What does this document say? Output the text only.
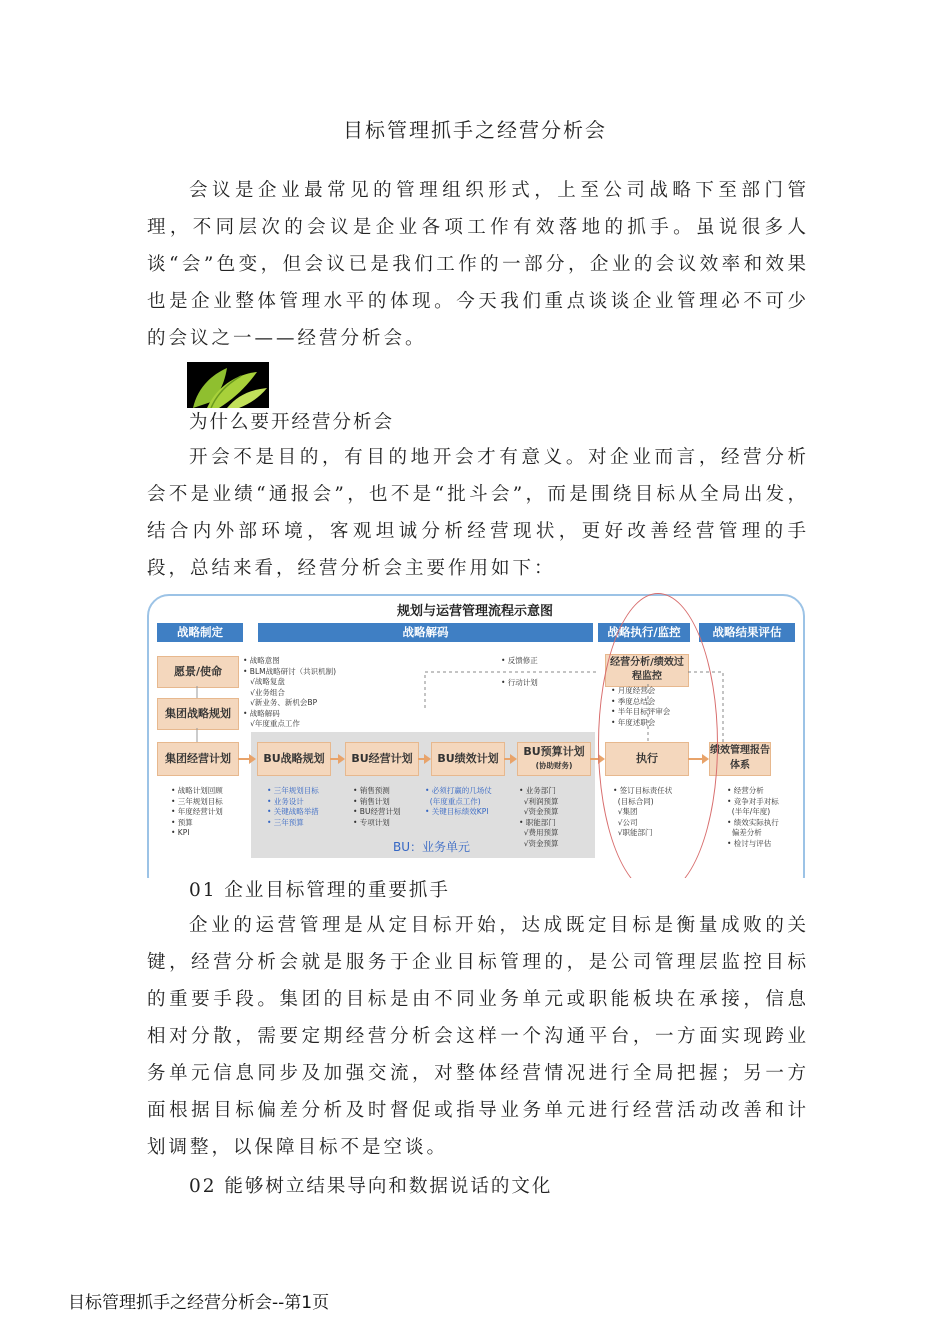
目标管理抓手之经营分析会

会议是企业最常见的管理组织形式，上至公司战略下至部门管理，不同层次的会议是企业各项工作有效落地的抓手。虽说很多人谈“会”色变，但会议已是我们工作的一部分，企业的会议效率和效果也是企业整体管理水平的体现。今天我们重点谈谈企业管理必不可少的会议之一——经营分析会。

为什么要开经营分析会

开会不是目的，有目的地开会才有意义。对企业而言，经营分析会不是业绩“通报会”，也不是“批斗会”，而是围绕目标从全局出发，结合内外部环境，客观坦诚分析经营现状，更好改善经营管理的手段，总结来看，经营分析会主要作用如下：

规划与运营管理流程示意图
战略制定	战略解码	战略执行/监控	战略结果评估
愿景/使命
集团战略规划
集团经营计划	BU战略规划	BU经营计划	BU绩效计划
BU预算计划
(协助财务)
经营分析/绩效过程监控
执行
绩效管理报告体系
• 战略意图
• BLM战略研讨（共识机制)
√战略复盘
√业务组合
√新业务、新机会BP
• 战略解码
√年度重点工作
• 反馈修正
• 行动计划
• 月度经营会
• 季度总结会
• 半年目标评审会
• 年度述职会
• 战略计划回顾
• 三年规划目标
• 年度经营计划
• 预算
• KPI
• 三年规划目标
• 业务设计
• 关键战略举措
• 三年预算
• 销售预测
• 销售计划
• BU经营计划
• 专项计划
• 必须打赢的几场仗
(年度重点工作)
• 关键目标绩效KPI
• 业务部门
√利润预算
√资金预算
• 职能部门
√费用预算
√资金预算
• 签订目标责任状
(目标合同)
√集团
√公司
√职能部门
• 经营分析
• 竞争对手对标
(半年/年度)
• 绩效实际执行
偏差分析
• 检讨与评估
BU：业务单元
01 企业目标管理的重要抓手

企业的运营管理是从定目标开始，达成既定目标是衡量成败的关键，经营分析会就是服务于企业目标管理的，是公司管理层监控目标的重要手段。集团的目标是由不同业务单元或职能板块在承接，信息相对分散，需要定期经营分析会这样一个沟通平台，一方面实现跨业务单元信息同步及加强交流，对整体经营情况进行全局把握；另一方面根据目标偏差分析及时督促或指导业务单元进行经营活动改善和计划调整，以保障目标不是空谈。

02 能够树立结果导向和数据说话的文化
目标管理抓手之经营分析会--第1页
